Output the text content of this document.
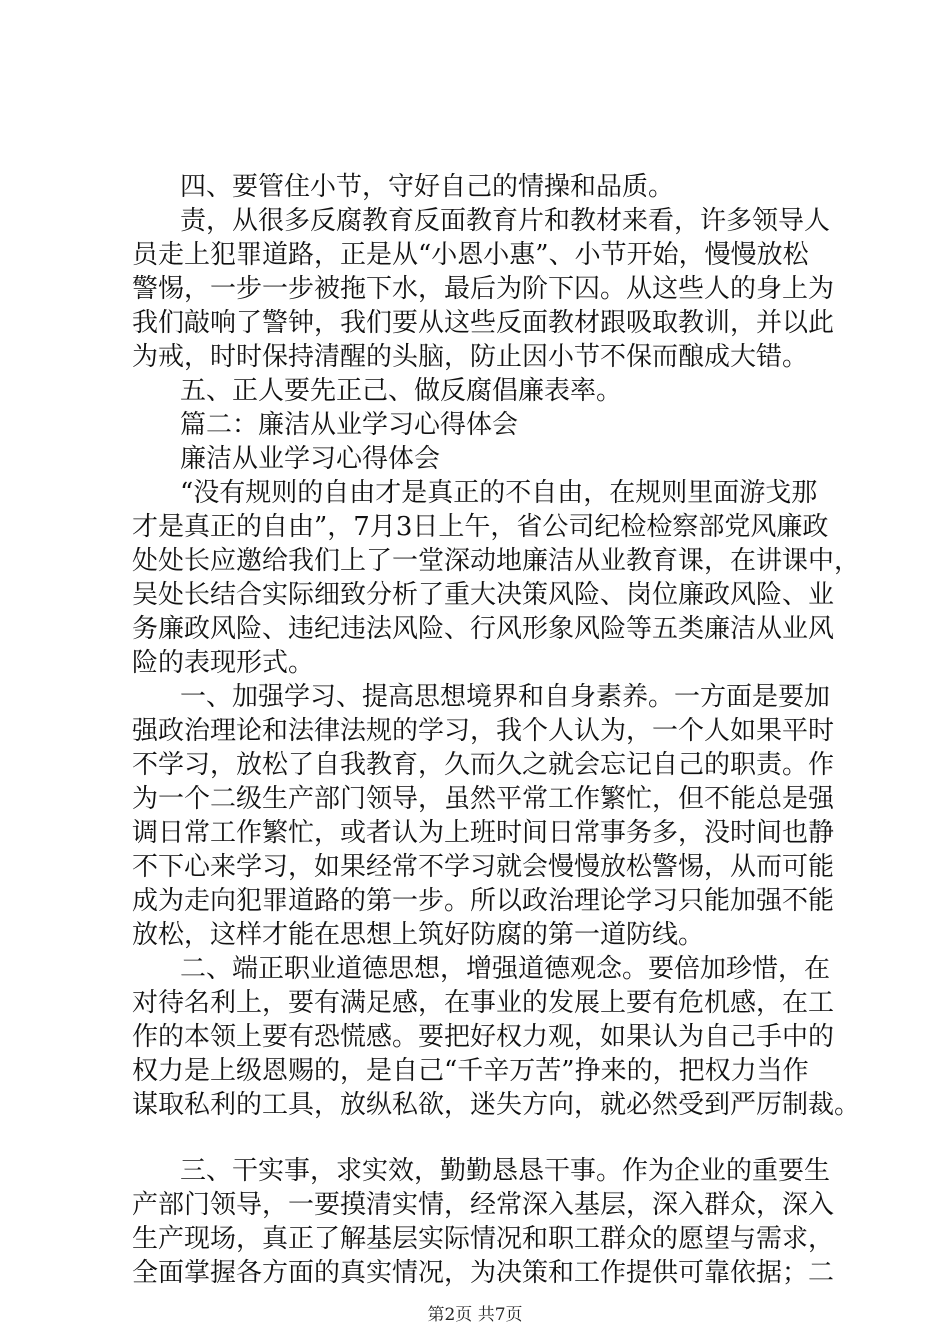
四、要管住小节，守好自己的情操和品质。
责，从很多反腐教育反面教育片和教材来看，许多领导人
员走上犯罪道路，正是从“小恩小惠”、小节开始，慢慢放松
警惕，一步一步被拖下水，最后为阶下囚。从这些人的身上为
我们敲响了警钟，我们要从这些反面教材跟吸取教训，并以此
为戒，时时保持清醒的头脑，防止因小节不保而酿成大错。
五、正人要先正己、做反腐倡廉表率。
篇二：廉洁从业学习心得体会
廉洁从业学习心得体会
“没有规则的自由才是真正的不自由，在规则里面游戈那
才是真正的自由”，7月3日上午，省公司纪检检察部党风廉政
处处长应邀给我们上了一堂深动地廉洁从业教育课，在讲课中，
吴处长结合实际细致分析了重大决策风险、岗位廉政风险、业
务廉政风险、违纪违法风险、行风形象风险等五类廉洁从业风
险的表现形式。
一、加强学习、提高思想境界和自身素养。一方面是要加
强政治理论和法律法规的学习，我个人认为，一个人如果平时
不学习，放松了自我教育，久而久之就会忘记自己的职责。作
为一个二级生产部门领导，虽然平常工作繁忙，但不能总是强
调日常工作繁忙，或者认为上班时间日常事务多，没时间也静
不下心来学习，如果经常不学习就会慢慢放松警惕，从而可能
成为走向犯罪道路的第一步。所以政治理论学习只能加强不能
放松，这样才能在思想上筑好防腐的第一道防线。
二、端正职业道德思想，增强道德观念。要倍加珍惜，在
对待名利上，要有满足感，在事业的发展上要有危机感，在工
作的本领上要有恐慌感。要把好权力观，如果认为自己手中的
权力是上级恩赐的，是自己“千辛万苦”挣来的，把权力当作
谋取私利的工具，放纵私欲，迷失方向，就必然受到严厉制裁。
三、干实事，求实效，勤勤恳恳干事。作为企业的重要生
产部门领导，一要摸清实情，经常深入基层，深入群众，深入
生产现场，真正了解基层实际情况和职工群众的愿望与需求，
全面掌握各方面的真实情况，为决策和工作提供可靠依据；二
第2页 共7页
